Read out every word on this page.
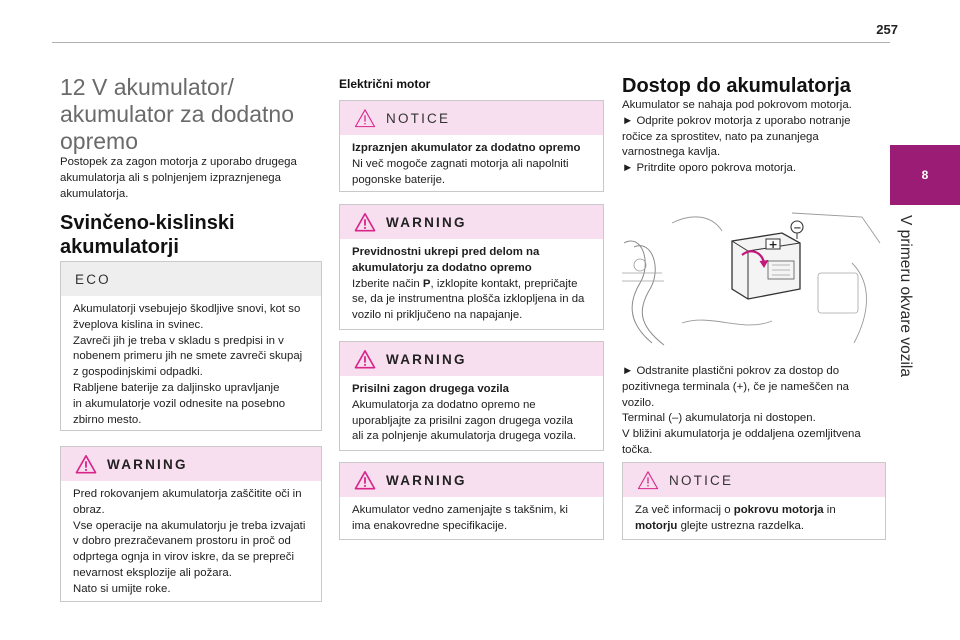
257
8
V primeru okvare vozila
12 V akumulator/
akumulator za dodatno
opremo
Postopek za zagon motorja z uporabo drugega
akumulatorja ali s polnjenjem izpraznjenega
akumulatorja.
Svinčeno-kislinski
akumulatorji
ECO
Akumulatorji vsebujejo škodljive snovi, kot so
žveplova kislina in svinec.
Zavreči jih je treba v skladu s predpisi in v
nobenem primeru jih ne smete zavreči skupaj
z gospodinjskimi odpadki.
Rabljene baterije za daljinsko upravljanje
in akumulatorje vozil odnesite na posebno
zbirno mesto.
WARNING
Pred rokovanjem akumulatorja zaščitite oči in
obraz.
Vse operacije na akumulatorju je treba izvajati
v dobro prezračevanem prostoru in proč od
odprtega ognja in virov iskre, da se prepreči
nevarnost eksplozije ali požara.
Nato si umijte roke.
Električni motor
NOTICE
Izpraznjen akumulator za dodatno opremo
Ni več mogoče zagnati motorja ali napolniti
pogonske baterije.
WARNING
Previdnostni ukrepi pred delom na
akumulatorju za dodatno opremo
Izberite način P, izklopite kontakt, prepričajte
se, da je instrumentna plošča izklopljena in da
vozilo ni priključeno na napajanje.
WARNING
Prisilni zagon drugega vozila
Akumulatorja za dodatno opremo ne
uporabljajte za prisilni zagon drugega vozila
ali za polnjenje akumulatorja drugega vozila.
WARNING
Akumulator vedno zamenjajte s takšnim, ki
ima enakovredne specifikacije.
Dostop do akumulatorja
Akumulator se nahaja pod pokrovom motorja.
► Odprite pokrov motorja z uporabo notranje
ročice za sprostitev, nato pa zunanjega
varnostnega kavlja.
► Pritrdite oporo pokrova motorja.
+
−
► Odstranite plastični pokrov za dostop do
pozitivnega terminala (+), če je nameščen na
vozilo.
Terminal (–) akumulatorja ni dostopen.
V bližini akumulatorja je oddaljena ozemljitvena
točka.
NOTICE
Za več informacij o pokrovu motorja in
motorju glejte ustrezna razdelka.
